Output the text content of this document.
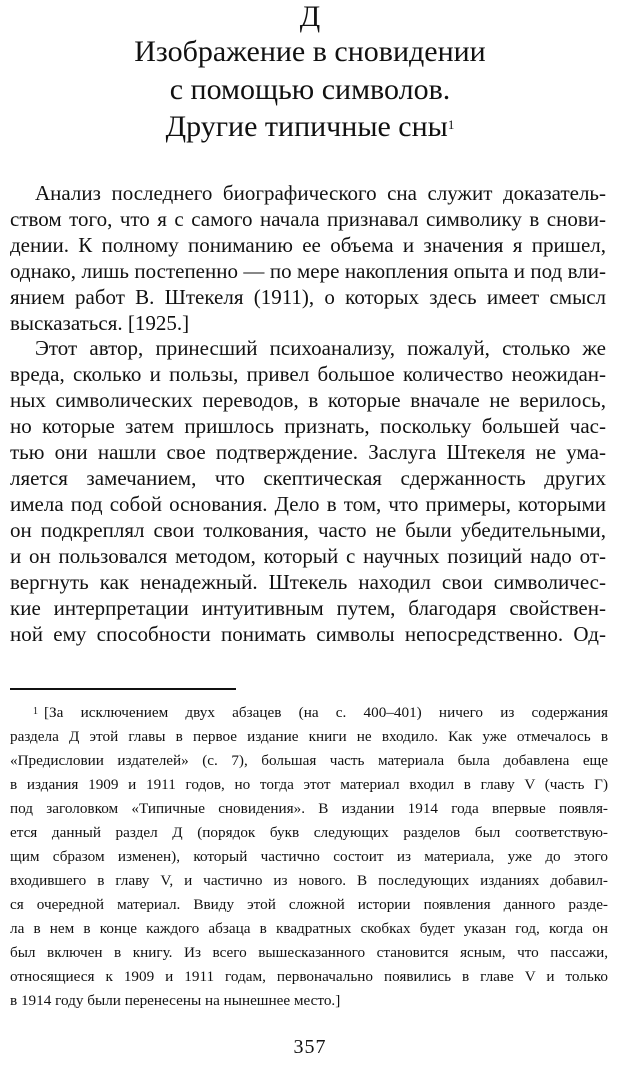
Д
Изображение в сновидении
с помощью символов.
Другие типичные сны$^1$
Анализ последнего биографического сна служит доказатель-
ством того, что я с самого начала признавал символику в снови-
дении. К полному пониманию ее объема и значения я пришел,
однако, лишь постепенно — по мере накопления опыта и под вли-
янием работ В. Штекеля (1911), о которых здесь имеет смысл
высказаться. [1925.]
Этот автор, принесший психоанализу, пожалуй, столько же
вреда, сколько и пользы, привел большое количество неожидан-
ных символических переводов, в которые вначале не верилось,
но которые затем пришлось признать, поскольку большей час-
тью они нашли свое подтверждение. Заслуга Штекеля не ума-
ляется замечанием, что скептическая сдержанность других
имела под собой основания. Дело в том, что примеры, которыми
он подкреплял свои толкования, часто не были убедительными,
и он пользовался методом, который с научных позиций надо от-
вергнуть как ненадежный. Штекель находил свои символичес-
кие интерпретации интуитивным путем, благодаря свойствен-
ной ему способности понимать символы непосредственно. Од-
$^1$ [За исключением двух абзацев (на с. 400–401) ничего из содержания
раздела Д этой главы в первое издание книги не входило. Как уже отмечалось в
«Предисловии издателей» (с. 7), большая часть материала была добавлена еще
в издания 1909 и 1911 годов, но тогда этот материал входил в главу V (часть Г)
под заголовком «Типичные сновидения». В издании 1914 года впервые появля-
ется данный раздел Д (порядок букв следующих разделов был соответствую-
щим сбразом изменен), который частично состоит из материала, уже до этого
входившего в главу V, и частично из нового. В последующих изданиях добавил-
ся очередной материал. Ввиду этой сложной истории появления данного разде-
ла в нем в конце каждого абзаца в квадратных скобках будет указан год, когда он
был включен в книгу. Из всего вышесказанного становится ясным, что пассажи,
относящиеся к 1909 и 1911 годам, первоначально появились в главе V и только
в 1914 году были перенесены на нынешнее место.]
357
